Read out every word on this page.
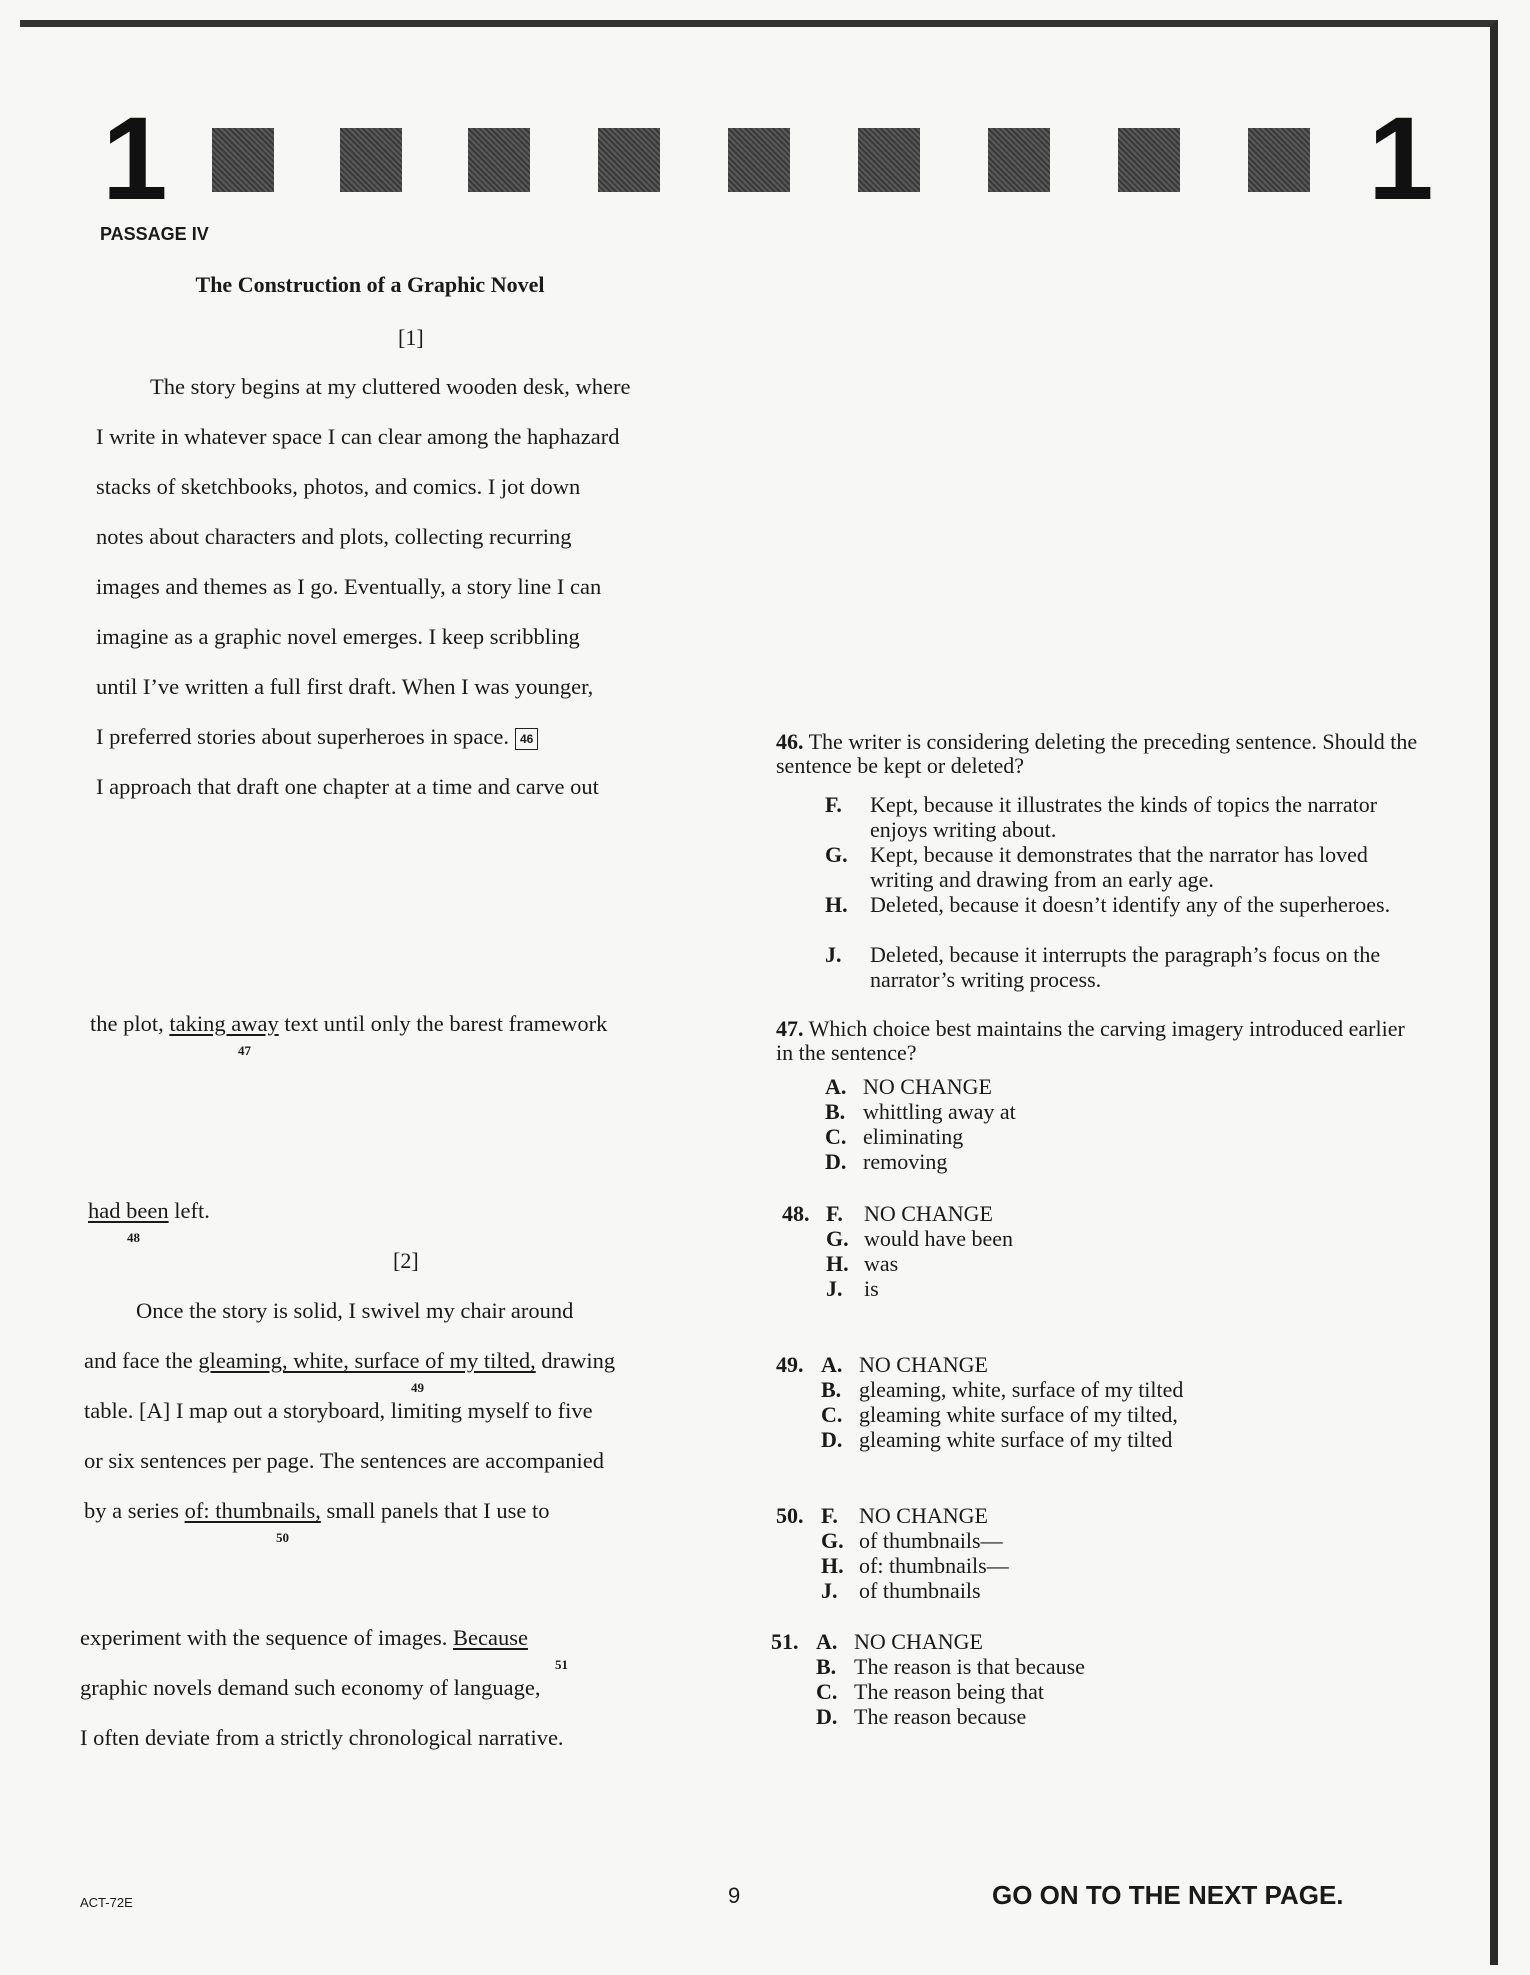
1	1
PASSAGE IV
The Construction of a Graphic Novel
[1]
The story begins at my cluttered wooden desk, where
I write in whatever space I can clear among the haphazard
stacks of sketchbooks, photos, and comics. I jot down
notes about characters and plots, collecting recurring
images and themes as I go. Eventually, a story line I can
imagine as a graphic novel emerges. I keep scribbling
until I’ve written a full first draft. When I was younger,
I preferred stories about superheroes in space. 46
I approach that draft one chapter at a time and carve out
the plot, taking away text until only the barest framework
47
had been left.
48
[2]
Once the story is solid, I swivel my chair around
and face the gleaming, white, surface of my tilted, drawing
49
table. [A] I map out a storyboard, limiting myself to five
or six sentences per page. The sentences are accompanied
by a series of: thumbnails, small panels that I use to
50
experiment with the sequence of images. Because
51
graphic novels demand such economy of language,
I often deviate from a strictly chronological narrative.
46. The writer is considering deleting the preceding sentence. Should the sentence be kept or deleted?
F.	Kept, because it illustrates the kinds of topics the narrator enjoys writing about.
G.	Kept, because it demonstrates that the narrator has loved writing and drawing from an early age.
H.	Deleted, because it doesn’t identify any of the superheroes.
J.	Deleted, because it interrupts the paragraph’s focus on the narrator’s writing process.
47. Which choice best maintains the carving imagery introduced earlier in the sentence?
A. NO CHANGE
B. whittling away at
C. eliminating
D. removing
48. F. NO CHANGE
G. would have been
H. was
J. is
49. A. NO CHANGE
B. gleaming, white, surface of my tilted
C. gleaming white surface of my tilted,
D. gleaming white surface of my tilted
50. F. NO CHANGE
G. of thumbnails—
H. of: thumbnails—
J. of thumbnails
51. A. NO CHANGE
B. The reason is that because
C. The reason being that
D. The reason because
ACT-72E	9	GO ON TO THE NEXT PAGE.
